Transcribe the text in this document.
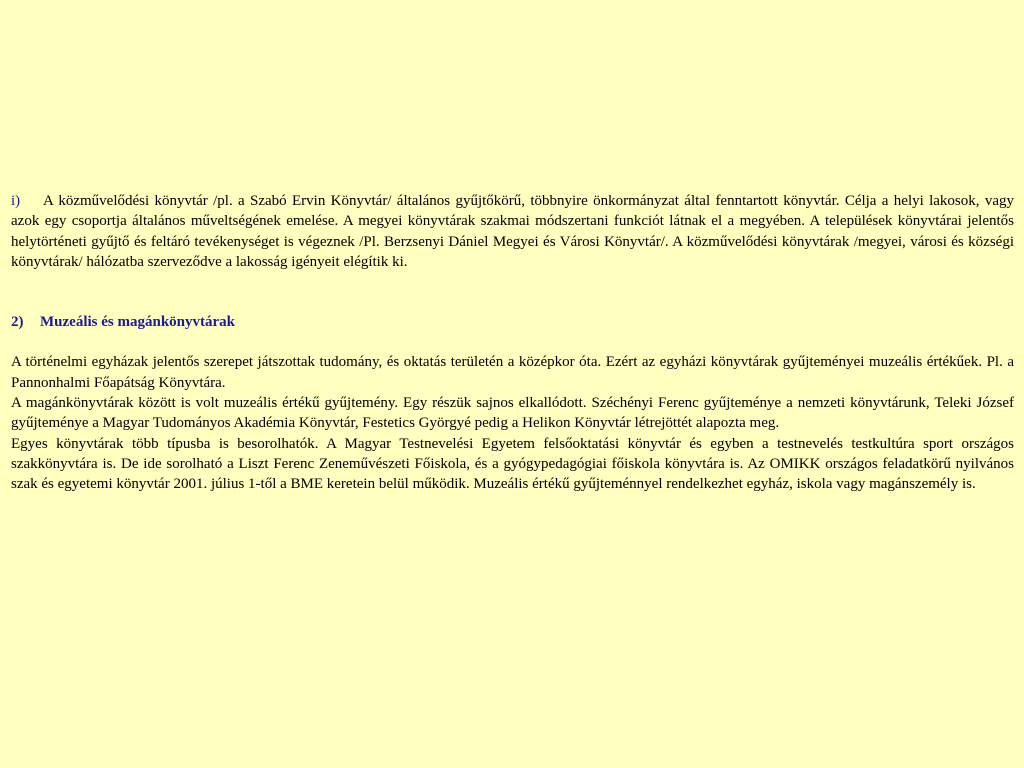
i) A közművelődési könyvtár /pl. a Szabó Ervin Könyvtár/ általános gyűjtőkörű, többnyire önkormányzat által fenntartott könyvtár. Célja a helyi lakosok, vagy azok egy csoportja általános műveltségének emelése. A megyei könyvtárak szakmai módszertani funkciót látnak el a megyében. A települések könyvtárai jelentős helytörténeti gyűjtő és feltáró tevékenységet is végeznek /Pl. Berzsenyi Dániel Megyei és Városi Könyvtár/. A közművelődési könyvtárak /megyei, városi és községi könyvtárak/ hálózatba szerveződve a lakosság igényeit elégítik ki.

2) Muzeális és magánkönyvtárak

A történelmi egyházak jelentős szerepet játszottak tudomány, és oktatás területén a középkor óta. Ezért az egyházi könyvtárak gyűjteményei muzeális értékűek. Pl. a Pannonhalmi Főapátság Könyvtára.

A magánkönyvtárak között is volt muzeális értékű gyűjtemény. Egy részük sajnos elkallódott. Széchényi Ferenc gyűjteménye a nemzeti könyvtárunk, Teleki József gyűjteménye a Magyar Tudományos Akadémia Könyvtár, Festetics Györgyé pedig a Helikon Könyvtár létrejöttét alapozta meg.

Egyes könyvtárak több típusba is besorolhatók. A Magyar Testnevelési Egyetem felsőoktatási könyvtár és egyben a testnevelés testkultúra sport országos szakkönyvtára is. De ide sorolható a Liszt Ferenc Zeneművészeti Főiskola, és a gyógypedagógiai főiskola könyvtára is. Az OMIKK országos feladatkörű nyilvános szak és egyetemi könyvtár 2001. július 1-től a BME keretein belül működik. Muzeális értékű gyűjteménnyel rendelkezhet egyház, iskola vagy magánszemély is.
